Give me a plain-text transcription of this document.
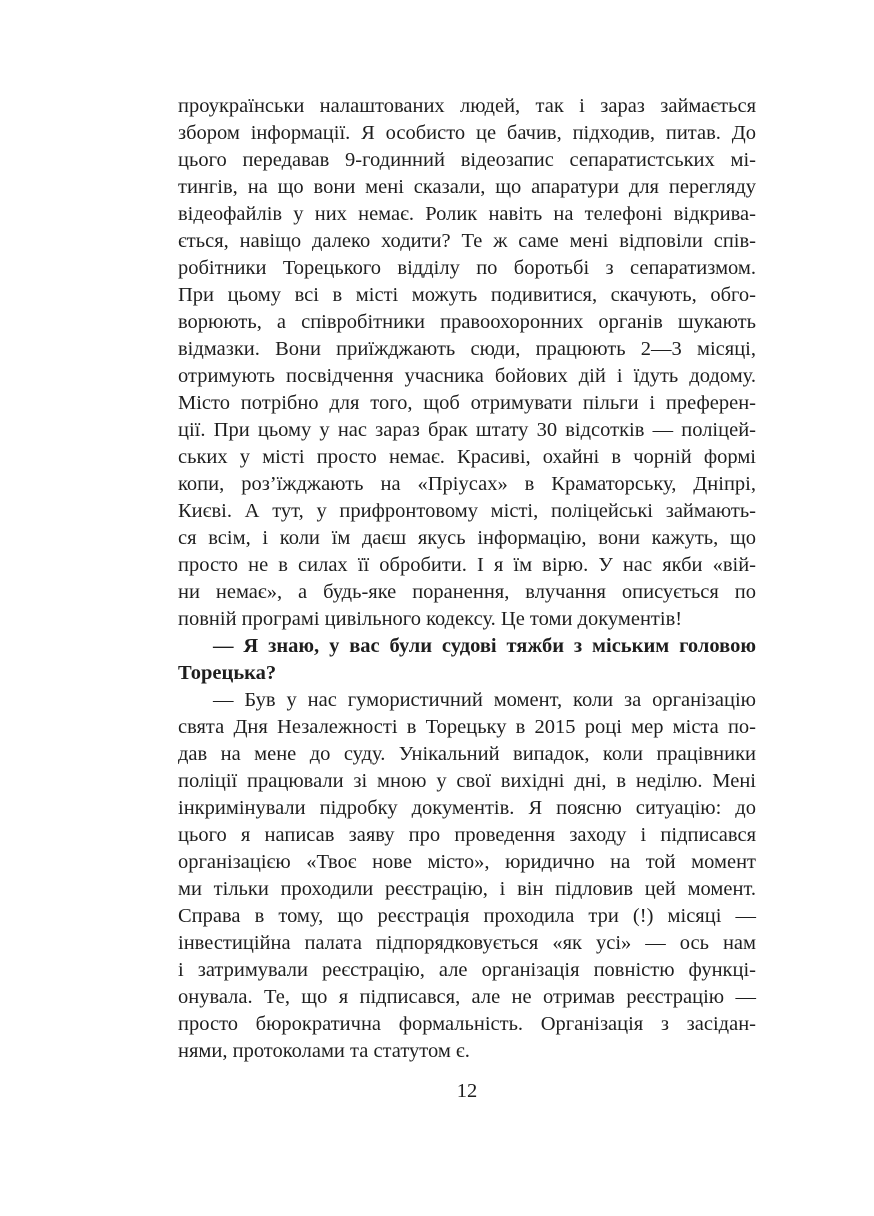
проукраїнськи налаштованих людей, так і зараз займається
збором інформації. Я особисто це бачив, підходив, питав. До
цього передавав 9-годинний відеозапис сепаратистських мі-
тингів, на що вони мені сказали, що апаратури для перегляду
відеофайлів у них немає. Ролик навіть на телефоні відкрива-
ється, навіщо далеко ходити? Те ж саме мені відповіли спів-
робітники Торецького відділу по боротьбі з сепаратизмом.
При цьому всі в місті можуть подивитися, скачують, обго-
ворюють, а співробітники правоохоронних органів шукають
відмазки. Вони приїжджають сюди, працюють 2—3 місяці,
отримують посвідчення учасника бойових дій і їдуть додому.
Місто потрібно для того, щоб отримувати пільги і преферен-
ції. При цьому у нас зараз брак штату 30 відсотків — поліцей-
ських у місті просто немає. Красиві, охайні в чорній формі
копи, роз’їжджають на «Пріусах» в Краматорську, Дніпрі,
Києві. А тут, у прифронтовому місті, поліцейські займають-
ся всім, і коли їм даєш якусь інформацію, вони кажуть, що
просто не в силах її обробити. І я їм вірю. У нас якби «вій-
ни немає», а будь-яке поранення, влучання описується по
повній програмі цивільного кодексу. Це томи документів!
— Я знаю, у вас були судові тяжби з міським головою
Торецька?
— Був у нас гумористичний момент, коли за організацію
свята Дня Незалежності в Торецьку в 2015 році мер міста по-
дав на мене до суду. Унікальний випадок, коли працівники
поліції працювали зі мною у свої вихідні дні, в неділю. Мені
інкримінували підробку документів. Я поясню ситуацію: до
цього я написав заяву про проведення заходу і підписався
організацією «Твоє нове місто», юридично на той момент
ми тільки проходили реєстрацію, і він підловив цей момент.
Справа в тому, що реєстрація проходила три (!) місяці —
інвестиційна палата підпорядковується «як усі» — ось нам
і затримували реєстрацію, але організація повністю функці-
онувала. Те, що я підписався, але не отримав реєстрацію —
просто бюрократична формальність. Організація з засідан-
нями, протоколами та статутом є.
12
